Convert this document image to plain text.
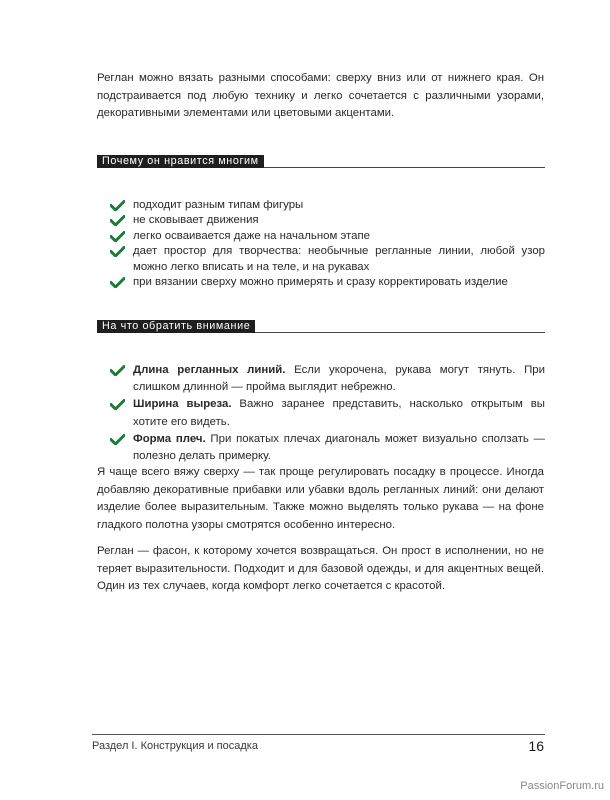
Реглан можно вязать разными способами: сверху вниз или от нижнего края. Он подстраивается под любую технику и легко сочетается с различными узорами, декоративными элементами или цветовыми акцентами.

Почему он нравится многим
подходит разным типам фигуры
не сковывает движения
легко осваивается даже на начальном этапе
дает простор для творчества: необычные регланные линии, любой узор можно легко вписать и на теле, и на рукавах
при вязании сверху можно примерять и сразу корректировать изделие
На что обратить внимание
Длина регланных линий. Если укорочена, рукава могут тянуть. При слишком длинной — пройма выглядит небрежно.
Ширина выреза. Важно заранее представить, насколько открытым вы хотите его видеть.
Форма плеч. При покатых плечах диагональ может визуально сползать — полезно делать примерку.

Я чаще всего вяжу сверху — так проще регулировать посадку в процессе. Иногда добавляю декоративные прибавки или убавки вдоль регланных линий: они делают изделие более выразительным. Также можно выделять только рукава — на фоне гладкого полотна узоры смотрятся особенно интересно.

Реглан — фасон, к которому хочется возвращаться. Он прост в исполнении, но не теряет выразительности. Подходит и для базовой одежды, и для акцентных вещей. Один из тех случаев, когда комфорт легко сочетается с красотой.

Раздел I. Конструкция и посадка	16
PassionForum.ru
